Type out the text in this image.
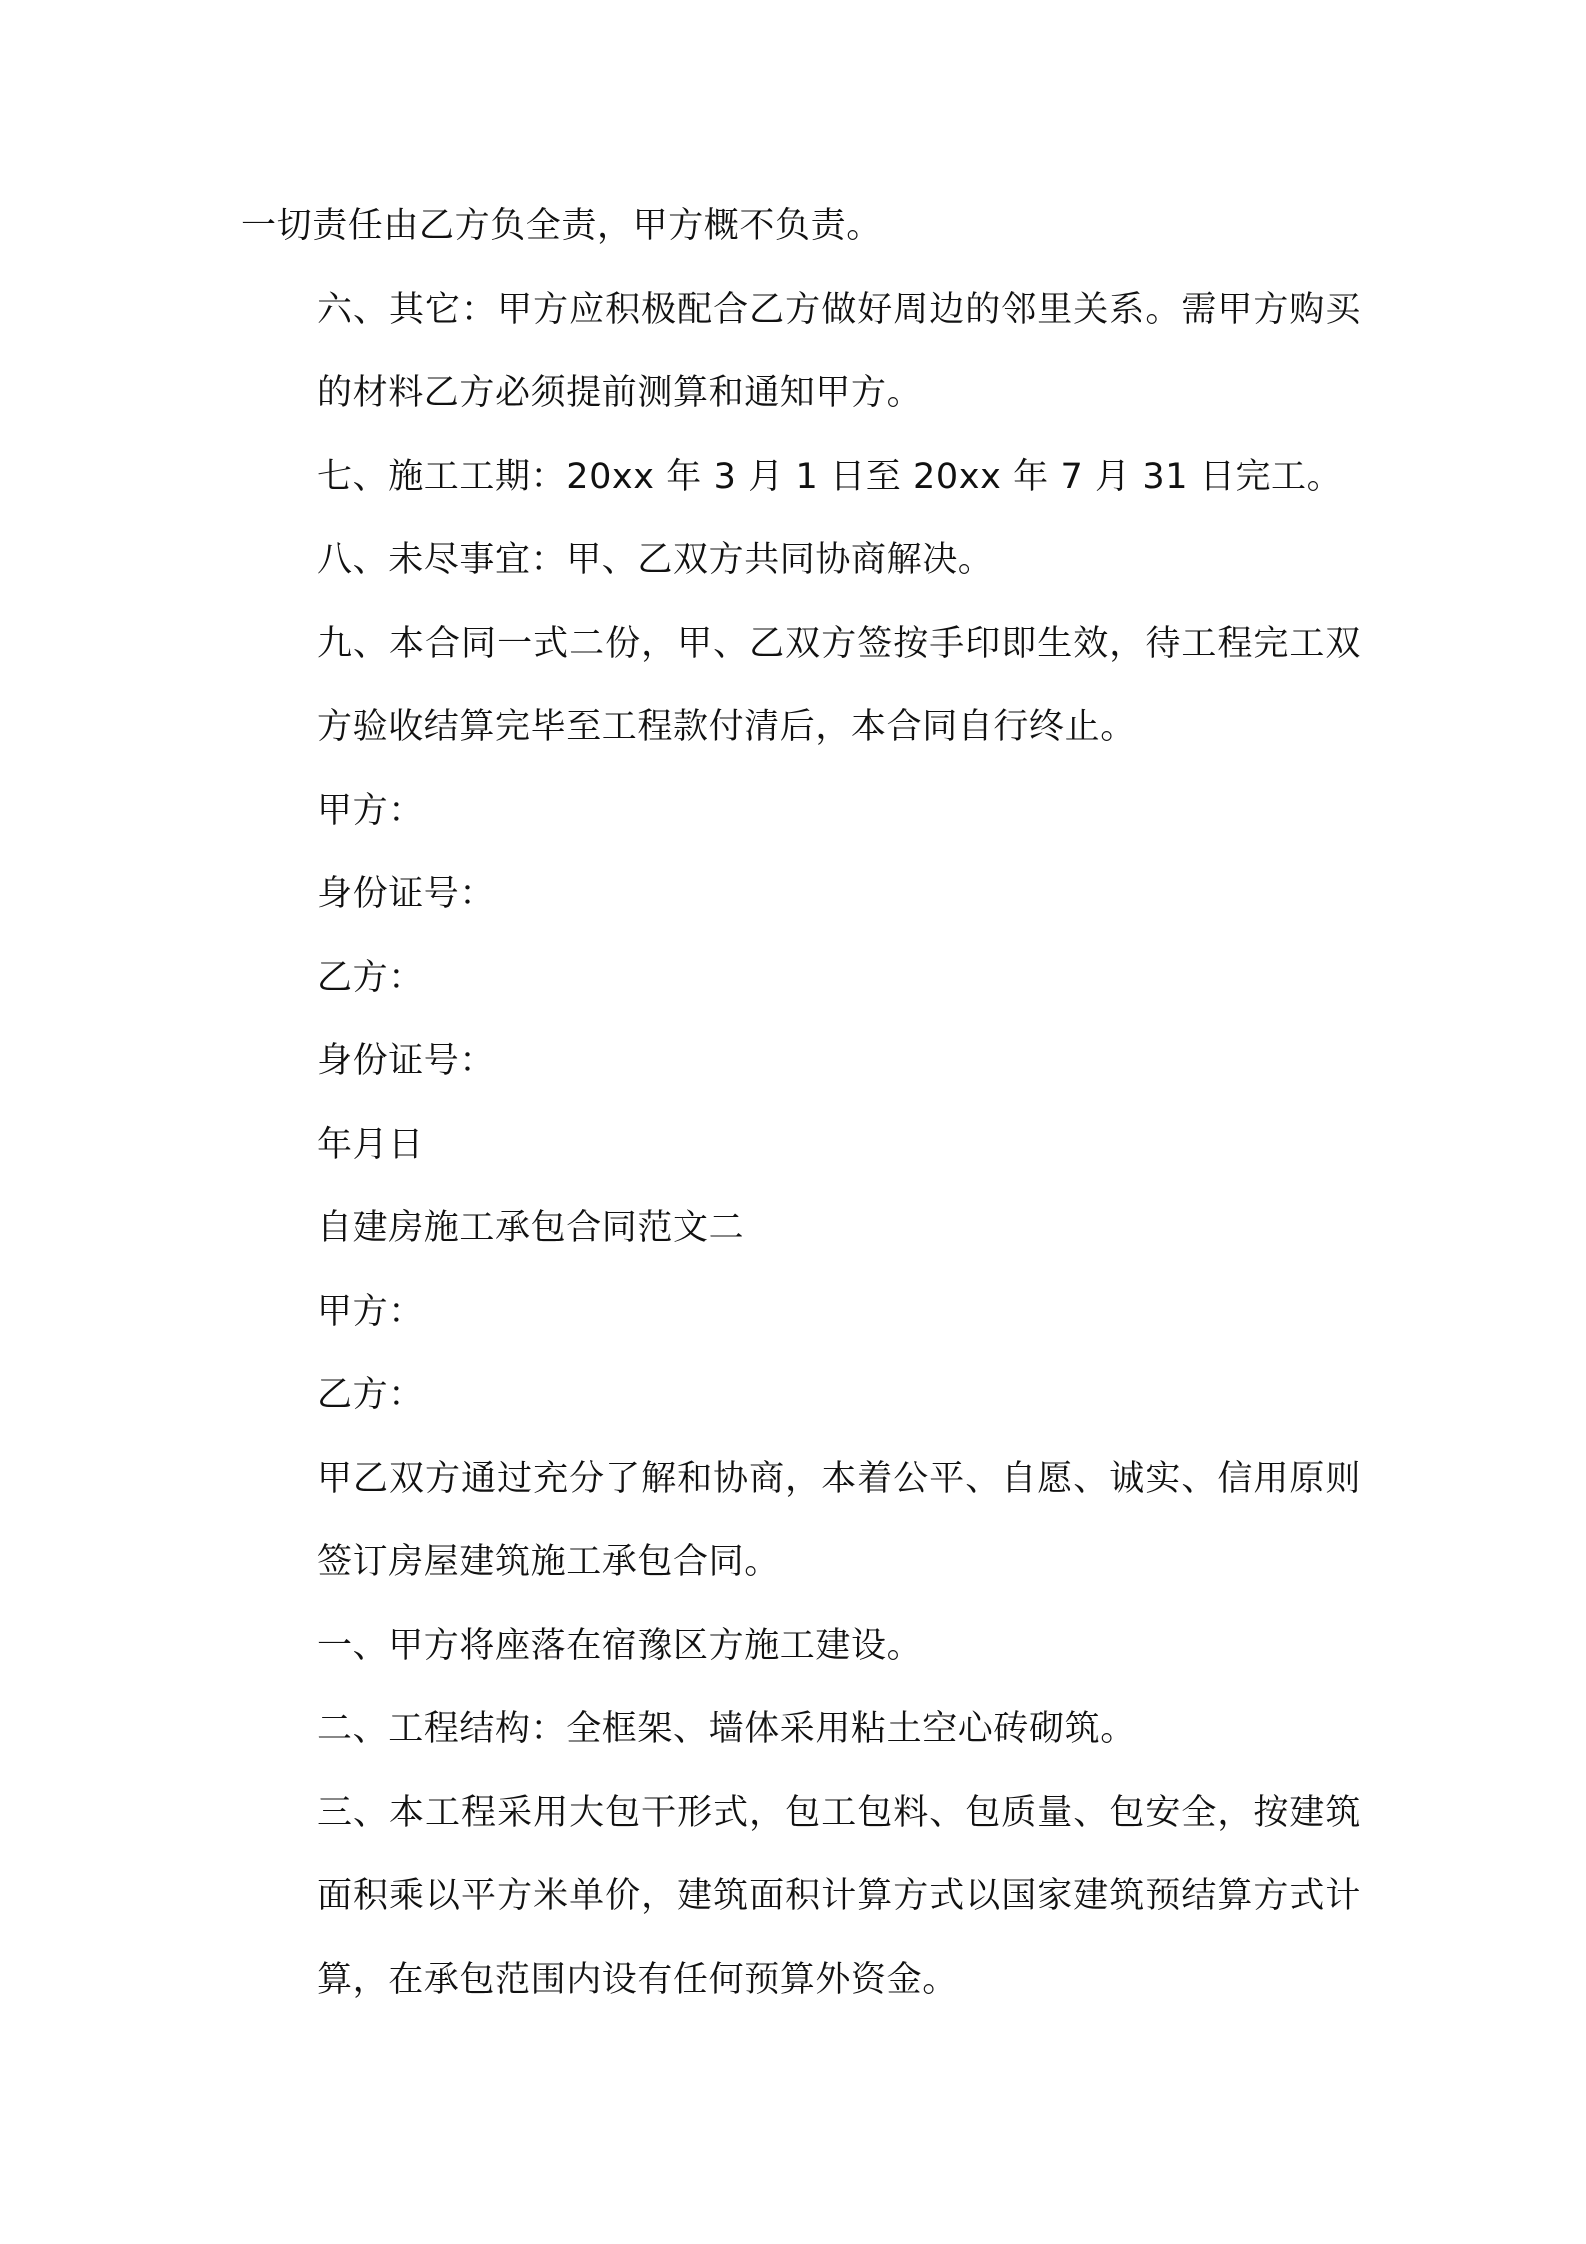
一切责任由乙方负全责，甲方概不负责。

六、其它：甲方应积极配合乙方做好周边的邻里关系。需甲方购买的材料乙方必须提前测算和通知甲方。

七、施工工期：20xx 年 3 月 1 日至 20xx 年 7 月 31 日完工。

八、未尽事宜：甲、乙双方共同协商解决。

九、本合同一式二份，甲、乙双方签按手印即生效，待工程完工双方验收结算完毕至工程款付清后，本合同自行终止。

甲方：

身份证号：

乙方：

身份证号：

年月日

自建房施工承包合同范文二

甲方：

乙方：

甲乙双方通过充分了解和协商，本着公平、自愿、诚实、信用原则签订房屋建筑施工承包合同。

一、甲方将座落在宿豫区方施工建设。

二、工程结构：全框架、墙体采用粘土空心砖砌筑。

三、本工程采用大包干形式，包工包料、包质量、包安全，按建筑面积乘以平方米单价，建筑面积计算方式以国家建筑预结算方式计算，在承包范围内设有任何预算外资金。
